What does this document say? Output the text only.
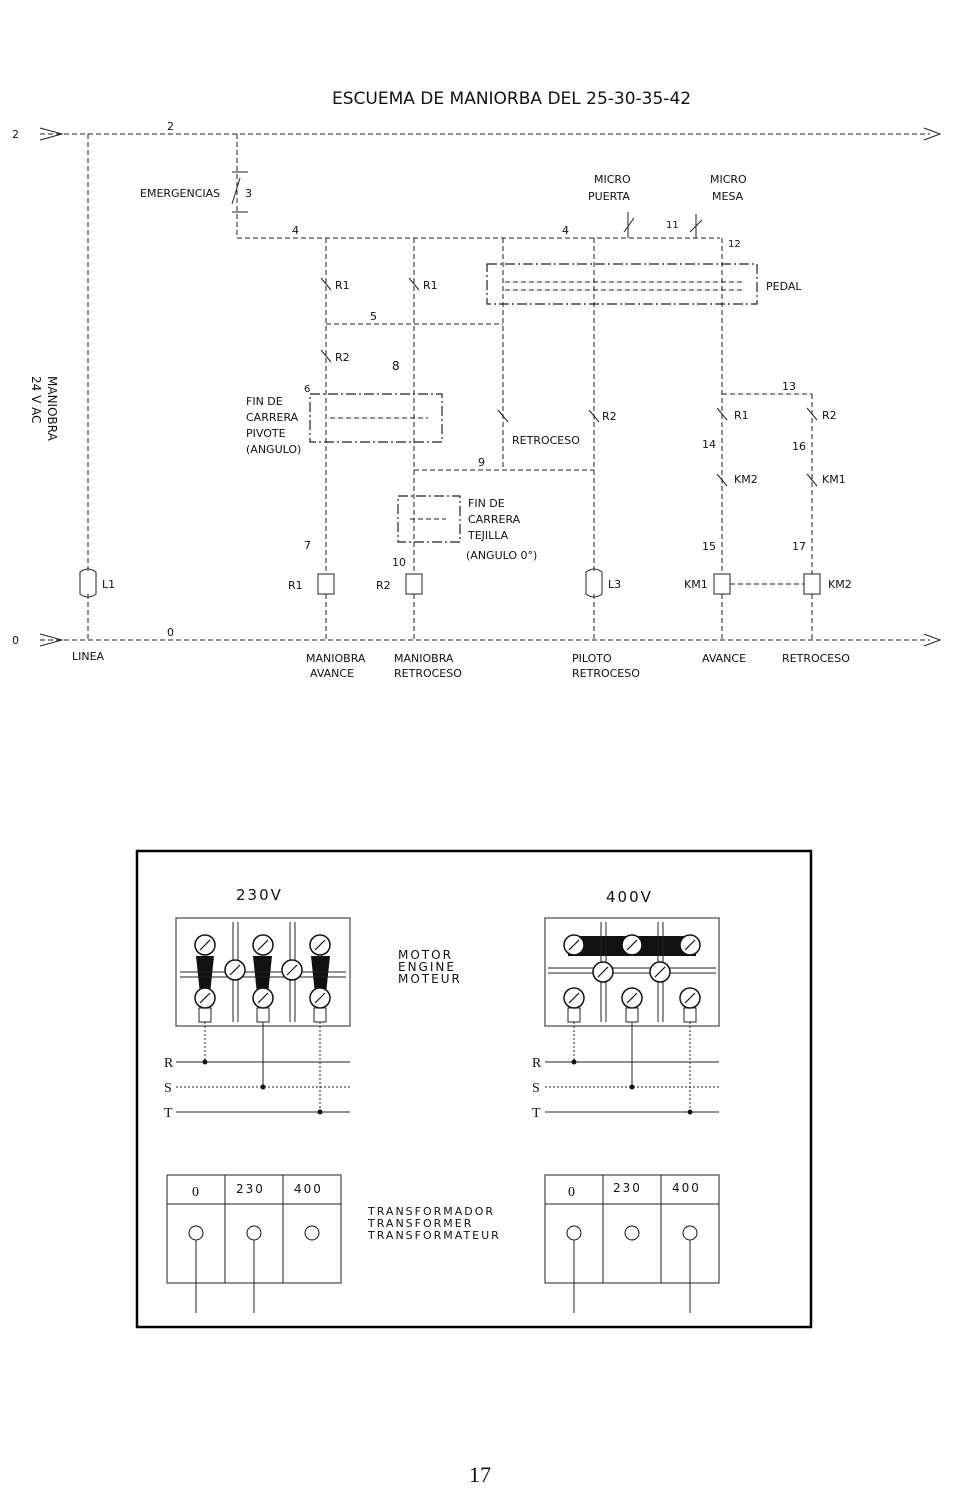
ESCUEMA DE MANIORBA DEL 25-30-35-42
MANIOBRA
24 V AC
2
2
0
0
L1
EMERGENCIAS 3
4	4
MICRO
PUERTA
MICRO
MESA
11
12
PEDAL
R1
R2
6
7
R1
5
FIN DE
CARRERA
PIVOTE
(ANGULO)
R1
8
10
R2
9
FIN DE
CARRERA
TEJILLA
(ANGULO 0°)
RETROCESO
R2
L3
13
R1
14
KM2
15
KM1
R2
16
KM1
17
KM2
LINEA	MANIOBRA
AVANCE
MANIOBRA
RETROCESO
PILOTO
RETROCESO
AVANCE	RETROCESO
230V	400V
MOTOR
ENGINE
MOTEUR
R
S
T
R
S
T
0	230 400
TRANSFORMADOR
TRANSFORMER
TRANSFORMATEUR
0	230	400
17
